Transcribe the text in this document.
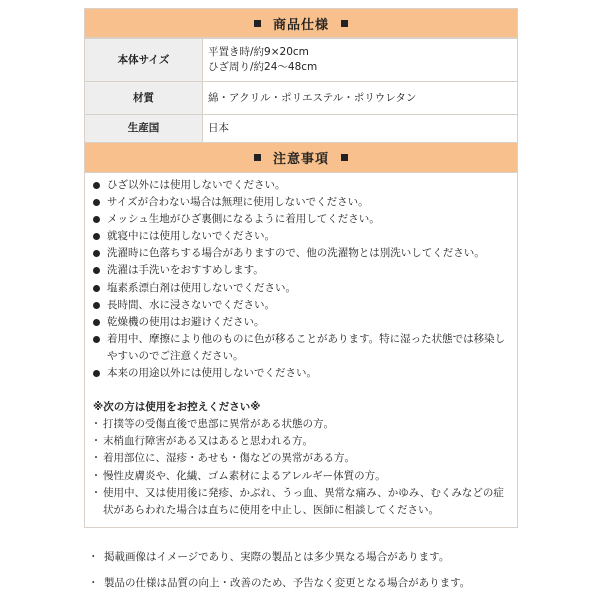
商品仕様
本体サイズ	平置き時/約9×20cm
ひざ周り/約24～48cm

材質	綿・アクリル・ポリエステル・ポリウレタン
生産国	日本
注意事項
ひざ以外には使用しないでください。
サイズが合わない場合は無理に使用しないでください。
メッシュ生地がひざ裏側になるように着用してください。
就寝中には使用しないでください。
洗濯時に色落ちする場合がありますので、他の洗濯物とは別洗いしてください。
洗濯は手洗いをおすすめします。
塩素系漂白剤は使用しないでください。
長時間、水に浸さないでください。
乾燥機の使用はお避けください。
着用中、摩擦により他のものに色が移ることがあります。特に湿った状態では移染しやすいのでご注意ください。
本来の用途以外には使用しないでください。
※次の方は使用をお控えください※
・ 打撲等の受傷直後で患部に異常がある状態の方。
・ 末梢血行障害がある又はあると思われる方。
・ 着用部位に、湿疹・あせも・傷などの異常がある方。
・ 慢性皮膚炎や、化繊、ゴム素材によるアレルギー体質の方。
・ 使用中、又は使用後に発疹、かぶれ、うっ血、異常な痛み、かゆみ、むくみなどの症状があらわれた場合は直ちに使用を中止し、医師に相談してください。
・ 掲載画像はイメージであり、実際の製品とは多少異なる場合があります。
・ 製品の仕様は品質の向上・改善のため、予告なく変更となる場合があります。
